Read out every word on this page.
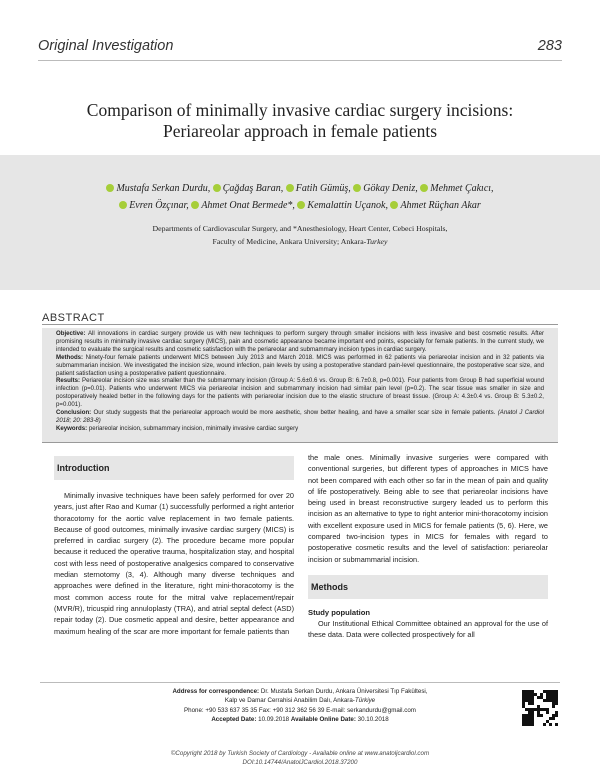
Original Investigation	283
Comparison of minimally invasive cardiac surgery incisions:
Periareolar approach in female patients
Mustafa Serkan Durdu, Çağdaş Baran, Fatih Gümüş, Gökay Deniz, Mehmet Çakıcı,
Evren Özçınar, Ahmet Onat Bermede*, Kemalattin Uçanok, Ahmet Rüçhan Akar
Departments of Cardiovascular Surgery, and *Anesthesiology, Heart Center, Cebeci Hospitals,
Faculty of Medicine, Ankara University; Ankara-Turkey
ABSTRACT

Objective: All innovations in cardiac surgery provide us with new techniques to perform surgery through smaller incisions with less invasive and best cosmetic results. After promising results in minimally invasive cardiac surgery (MICS), pain and cosmetic appearance became important end points, especially for female patients. In the current study, we intended to evaluate the surgical results and cosmetic satisfaction with the periareolar and submammary incision types in cardiac surgery.

Methods: Ninety-four female patients underwent MICS between July 2013 and March 2018. MICS was performed in 62 patients via periareolar incision and in 32 patients via submammarian incision. We investigated the incision size, wound infection, pain levels by using a postoperative standard pain-level questionnaire, the postoperative scar size, and patient satisfaction using a postoperative patient questionnaire.

Results: Periareolar incision size was smaller than the submammary incision (Group A: 5.6±0.6 vs. Group B: 6.7±0.8, p=0.001). Four patients from Group B had superficial wound infection (p=0.01). Patients who underwent MICS via periareolar incision and submammary incision had similar pain level (p=0.2). The scar tissue was smaller in size and postoperatively healed better in the following days for the patients with periareolar incision due to the elastic structure of breast tissue. (Group A: 4.3±0.4 vs. Group B: 5.3±0.2, p=0.001).

Conclusion: Our study suggests that the periareolar approach would be more aesthetic, show better healing, and have a smaller scar size in female patients. (Anatol J Cardiol 2018; 20: 283-8)

Keywords: periareolar incision, submammary incision, minimally invasive cardiac surgery

Introduction

Minimally invasive techniques have been safely performed for over 20 years, just after Rao and Kumar (1) successfully performed a right anterior thoracotomy for the aortic valve replacement in two female patients. Because of good outcomes, minimally invasive cardiac surgery (MICS) is preferred in cardiac surgery (2). The procedure became more popular because it reduced the operative trauma, hospitalization stay, and hospital cost with less need of postoperative analgesics compared to conservative median sternotomy (3, 4). Although many diverse techniques and approaches were defined in the literature, right mini-thoracotomy is the most common access route for the mitral valve replacement/repair (MVR/R), tricuspid ring annuloplasty (TRA), and atrial septal defect (ASD) repair today (2). Due cosmetic appeal and desire, better appearance and maximum healing of the scar are more important for female patients than

the male ones. Minimally invasive surgeries were compared with conventional surgeries, but different types of approaches in MICS have not been compared with each other so far in the mean of pain and quality of life postoperatively. Being able to see that periareolar incisions have being used in breast reconstructive surgery leaded us to perform this incision as an alternative to type to right anterior mini-thoracotomy incision with excellent exposure used in MICS for female patients (5, 6). Here, we compared two-incision types in MICS for females with regard to postoperative cosmetic results and the level of satisfaction: periareolar incision or submammarial incision.

Methods
Study population

Our Institutional Ethical Committee obtained an approval for the use of these data. Data were collected prospectively for all

Address for correspondence: Dr. Mustafa Serkan Durdu, Ankara Üniversitesi Tıp Fakültesi,
Kalp ve Damar Cerrahisi Anabilim Dalı, Ankara-Türkiye
Phone: +90 533 637 35 35 Fax: +90 312 362 56 39 E-mail: serkandurdu@gmail.com
Accepted Date: 10.09.2018 Available Online Date: 30.10.2018
©Copyright 2018 by Turkish Society of Cardiology - Available online at www.anatoljcardiol.com
DOI:10.14744/AnatolJCardiol.2018.37200
